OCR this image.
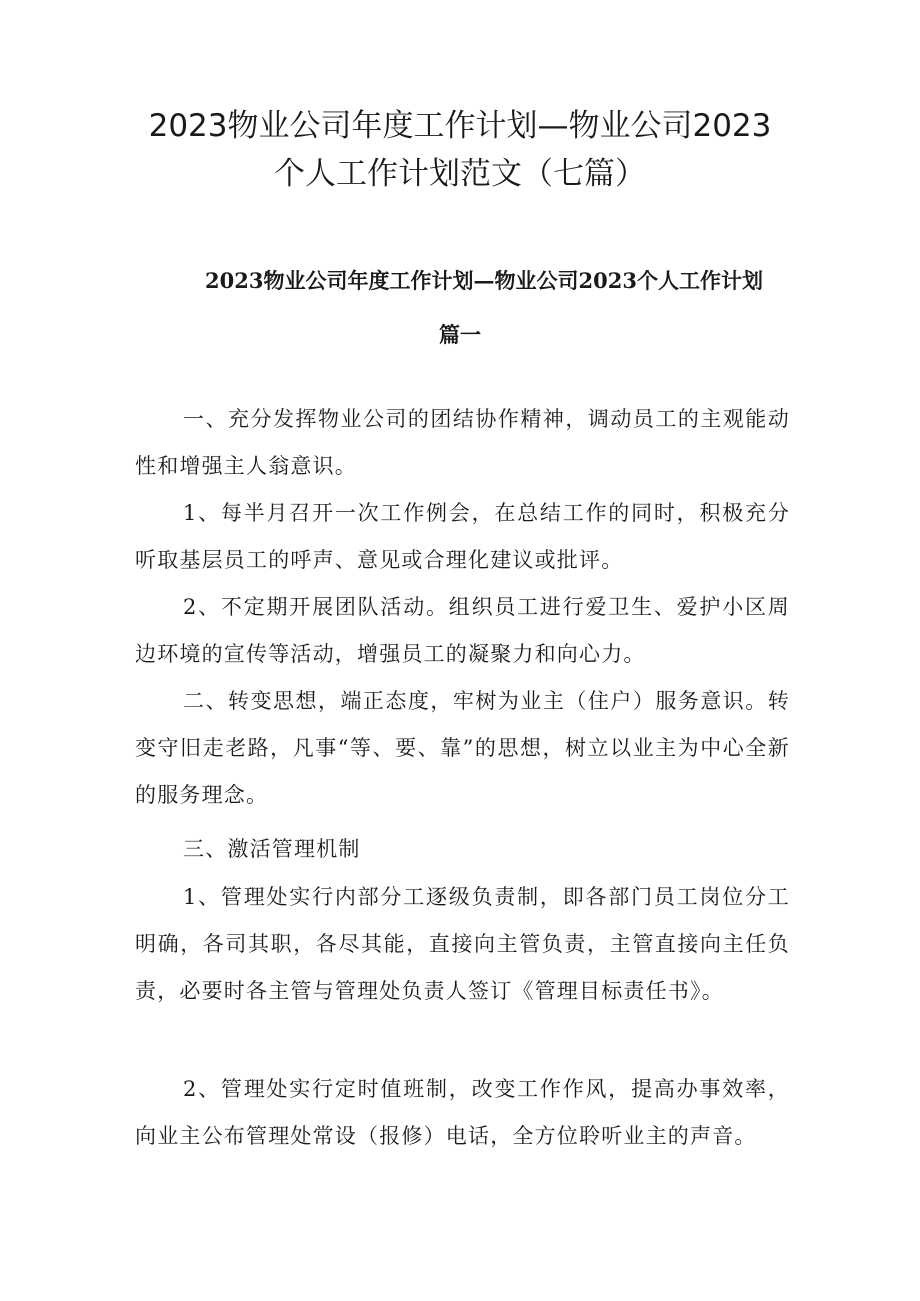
2023物业公司年度工作计划—物业公司2023
个人工作计划范文（七篇）
2023物业公司年度工作计划—物业公司2023个人工作计划
篇一

一、充分发挥物业公司的团结协作精神，调动员工的主观能动性和增强主人翁意识。

1、每半月召开一次工作例会，在总结工作的同时，积极充分听取基层员工的呼声、意见或合理化建议或批评。

2、不定期开展团队活动。组织员工进行爱卫生、爱护小区周边环境的宣传等活动，增强员工的凝聚力和向心力。

二、转变思想，端正态度，牢树为业主（住户）服务意识。转变守旧走老路，凡事“等、要、靠”的思想，树立以业主为中心全新的服务理念。

三、激活管理机制

1、管理处实行内部分工逐级负责制，即各部门员工岗位分工明确，各司其职，各尽其能，直接向主管负责，主管直接向主任负责，必要时各主管与管理处负责人签订《管理目标责任书》。

2、管理处实行定时值班制，改变工作作风，提高办事效率，向业主公布管理处常设（报修）电话，全方位聆听业主的声音。
